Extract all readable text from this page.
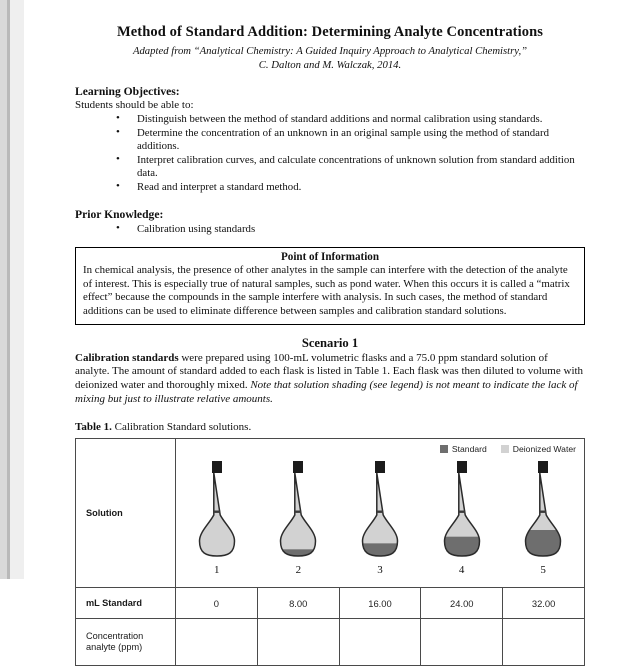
Method of Standard Addition: Determining Analyte Concentrations
Adapted from “Analytical Chemistry: A Guided Inquiry Approach to Analytical Chemistry,”
C. Dalton and M. Walczak, 2014.
Learning Objectives:
Students should be able to:
• Distinguish between the method of standard additions and normal calibration using standards.
• Determine the concentration of an unknown in an original sample using the method of standard additions.
• Interpret calibration curves, and calculate concentrations of unknown solution from standard addition data.
• Read and interpret a standard method.
Prior Knowledge:
• Calibration using standards
Point of Information
In chemical analysis, the presence of other analytes in the sample can interfere with the detection of the analyte of interest. This is especially true of natural samples, such as pond water. When this occurs it is called a “matrix effect” because the compounds in the sample interfere with analysis. In such cases, the method of standard additions can be used to eliminate difference between samples and calibration standard solutions.
Scenario 1
Calibration standards were prepared using 100-mL volumetric flasks and a 75.0 ppm standard solution of analyte. The amount of standard added to each flask is listed in Table 1. Each flask was then diluted to volume with deionized water and thoroughly mixed. Note that solution shading (see legend) is not meant to indicate the lack of mixing but just to illustrate relative amounts.
Table 1. Calibration Standard solutions.
Solution	
Standard	Deionized Water
1	2	3	4	5

mL Standard	0	8.00	16.00	24.00	32.00
Concentration
analyte (ppm)					
